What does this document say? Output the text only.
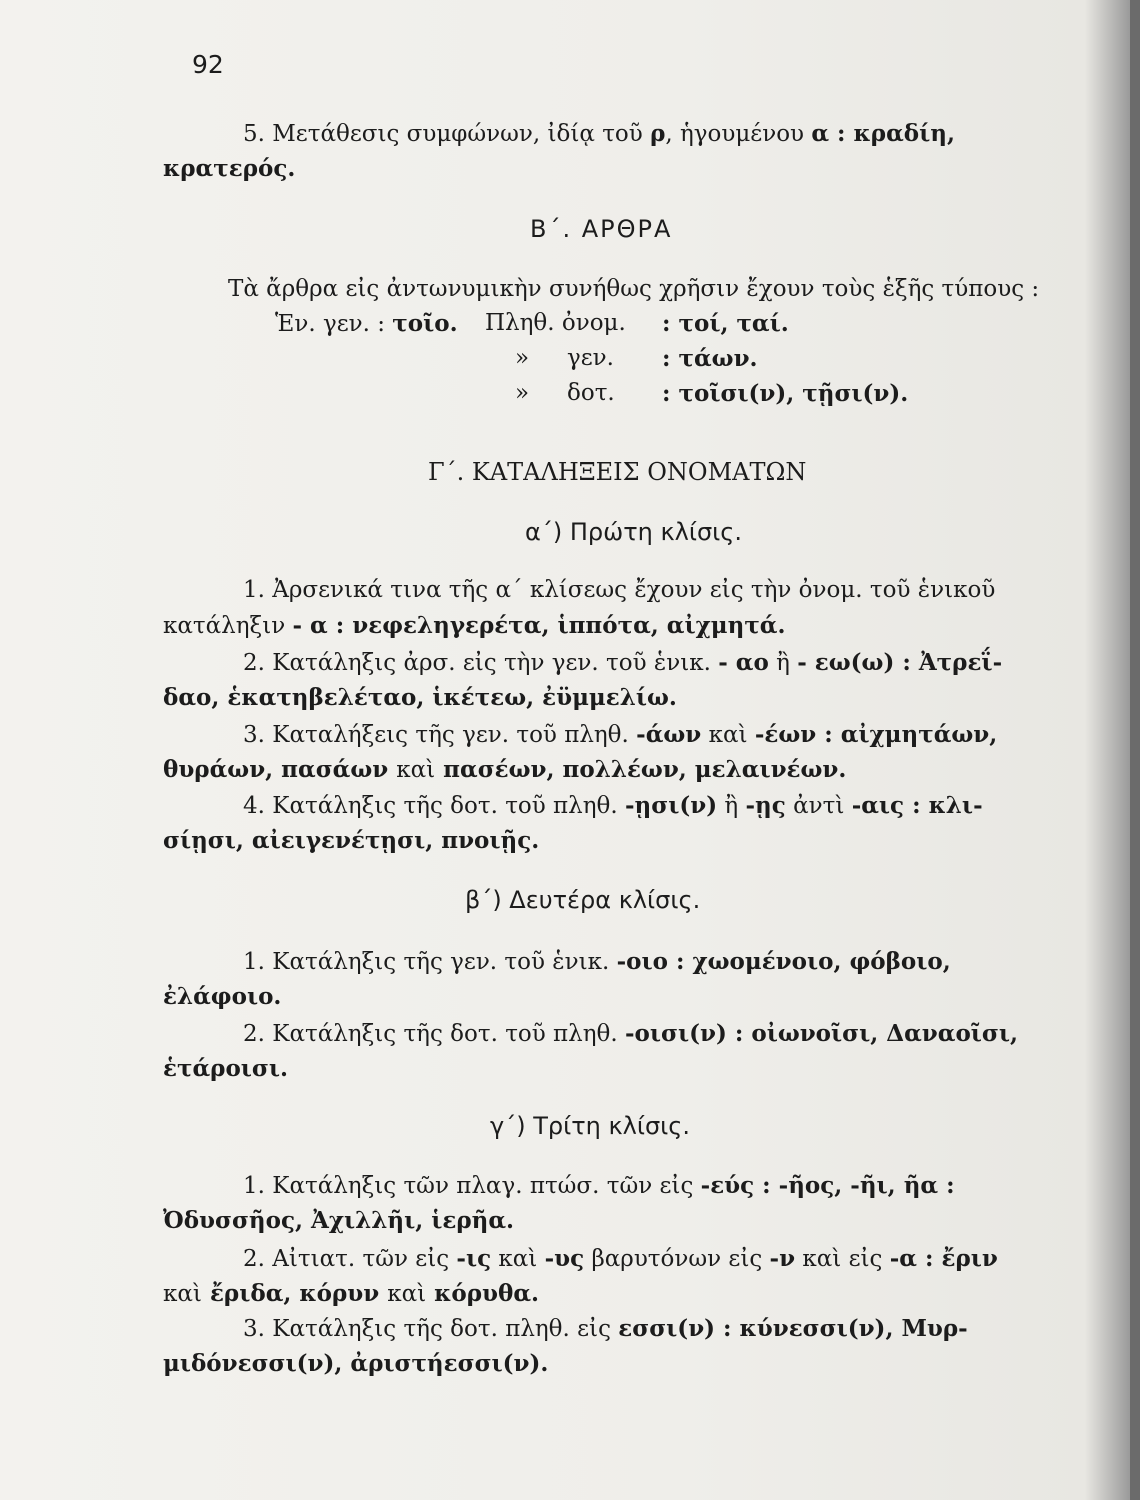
92
5. Μετάθεσις συμφώνων, ἰδίᾳ τοῦ ρ, ἡγουμένου α : κραδίη,
κρατερός.
Β΄. ΑΡΘΡΑ
Τὰ ἄρθρα εἰς ἀντωνυμικὴν συνήθως χρῆσιν ἔχουν τοὺς ἑξῆς τύπους :
Ἑν. γεν. : τοῖο. Πληθ. ὀνομ. : τοί, ταί.
» γεν. : τάων.
» δοτ. : τοῖσι(ν), τῇσι(ν).
Γ΄. ΚΑΤΑΛΗΞΕΙΣ ΟΝΟΜΑΤΩΝ
α΄) Πρώτη κλίσις.
1. Ἀρσενικά τινα τῆς α΄ κλίσεως ἔχουν εἰς τὴν ὀνομ. τοῦ ἑνικοῦ
κατάληξιν - α : νεφεληγερέτα, ἱππότα, αἰχμητά.
2. Κατάληξις ἀρσ. εἰς τὴν γεν. τοῦ ἑνικ. - αο ἢ - εω(ω) : Ἀτρεΐ-
δαο, ἑκατηβελέταο, ἱκέτεω, ἐϋμμελίω.
3. Καταλήξεις τῆς γεν. τοῦ πληθ. -άων καὶ -έων : αἰχμητάων,
θυράων, πασάων καὶ πασέων, πολλέων, μελαινέων.
4. Κατάληξις τῆς δοτ. τοῦ πληθ. -ῃσι(ν) ἢ -ῃς ἀντὶ -αις : κλι-
σίῃσι, αἰειγενέτῃσι, πνοιῇς.
β΄) Δευτέρα κλίσις.
1. Κατάληξις τῆς γεν. τοῦ ἑνικ. -οιο : χωομένοιο, φόβοιο,
ἐλάφοιο.
2. Κατάληξις τῆς δοτ. τοῦ πληθ. -οισι(ν) : οἰωνοῖσι, Δαναοῖσι,
ἑτάροισι.
γ΄) Τρίτη κλίσις.
1. Κατάληξις τῶν πλαγ. πτώσ. τῶν εἰς -εύς : -ῆος, -ῆι, ῆα :
Ὀδυσσῆος, Ἀχιλλῆι, ἱερῆα.
2. Αἰτιατ. τῶν εἰς -ις καὶ -υς βαρυτόνων εἰς -ν καὶ εἰς -α : ἔριν
καὶ ἔριδα, κόρυν καὶ κόρυθα.
3. Κατάληξις τῆς δοτ. πληθ. εἰς εσσι(ν) : κύνεσσι(ν), Μυρ-
μιδόνεσσι(ν), ἀριστήεσσι(ν).
